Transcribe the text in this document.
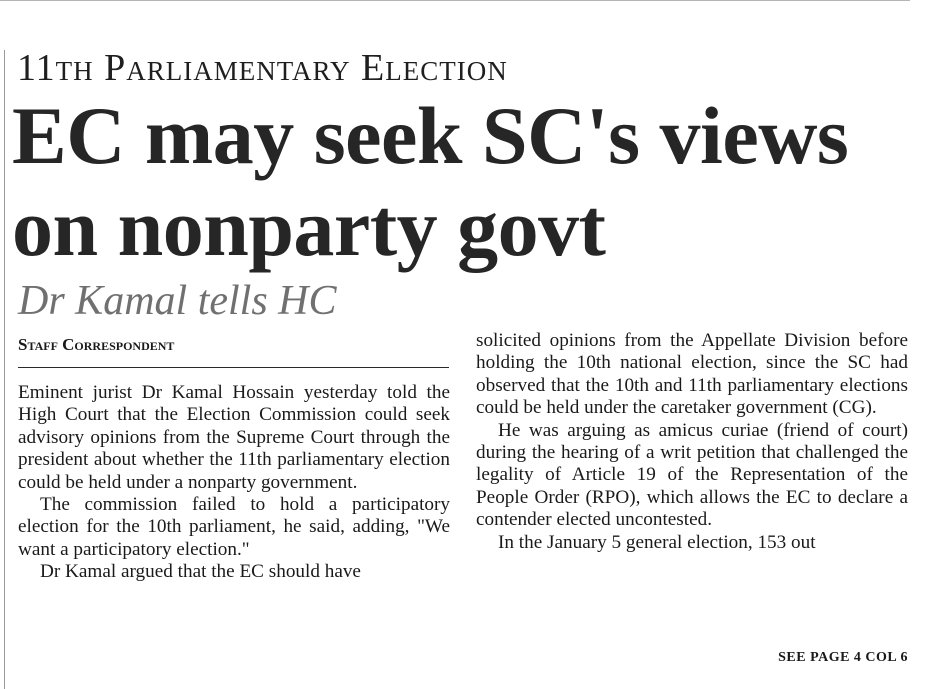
11th Parliamentary Election
EC may seek SC's views
on nonparty govt
Dr Kamal tells HC
Staff Correspondent

Eminent jurist Dr Kamal Hossain yesterday told the High Court that the Election Commission could seek advisory opinions from the Supreme Court through the president about whether the 11th parliamentary election could be held under a nonparty government.

The commission failed to hold a participatory election for the 10th parliament, he said, adding, "We want a participatory election."

Dr Kamal argued that the EC should have

solicited opinions from the Appellate Division before holding the 10th national election, since the SC had observed that the 10th and 11th parliamentary elections could be held under the caretaker government (CG).

He was arguing as amicus curiae (friend of court) during the hearing of a writ petition that challenged the legality of Article 19 of the Representation of the People Order (RPO), which allows the EC to declare a contender elected uncontested.

In the January 5 general election, 153 out

SEE PAGE 4 COL 6
